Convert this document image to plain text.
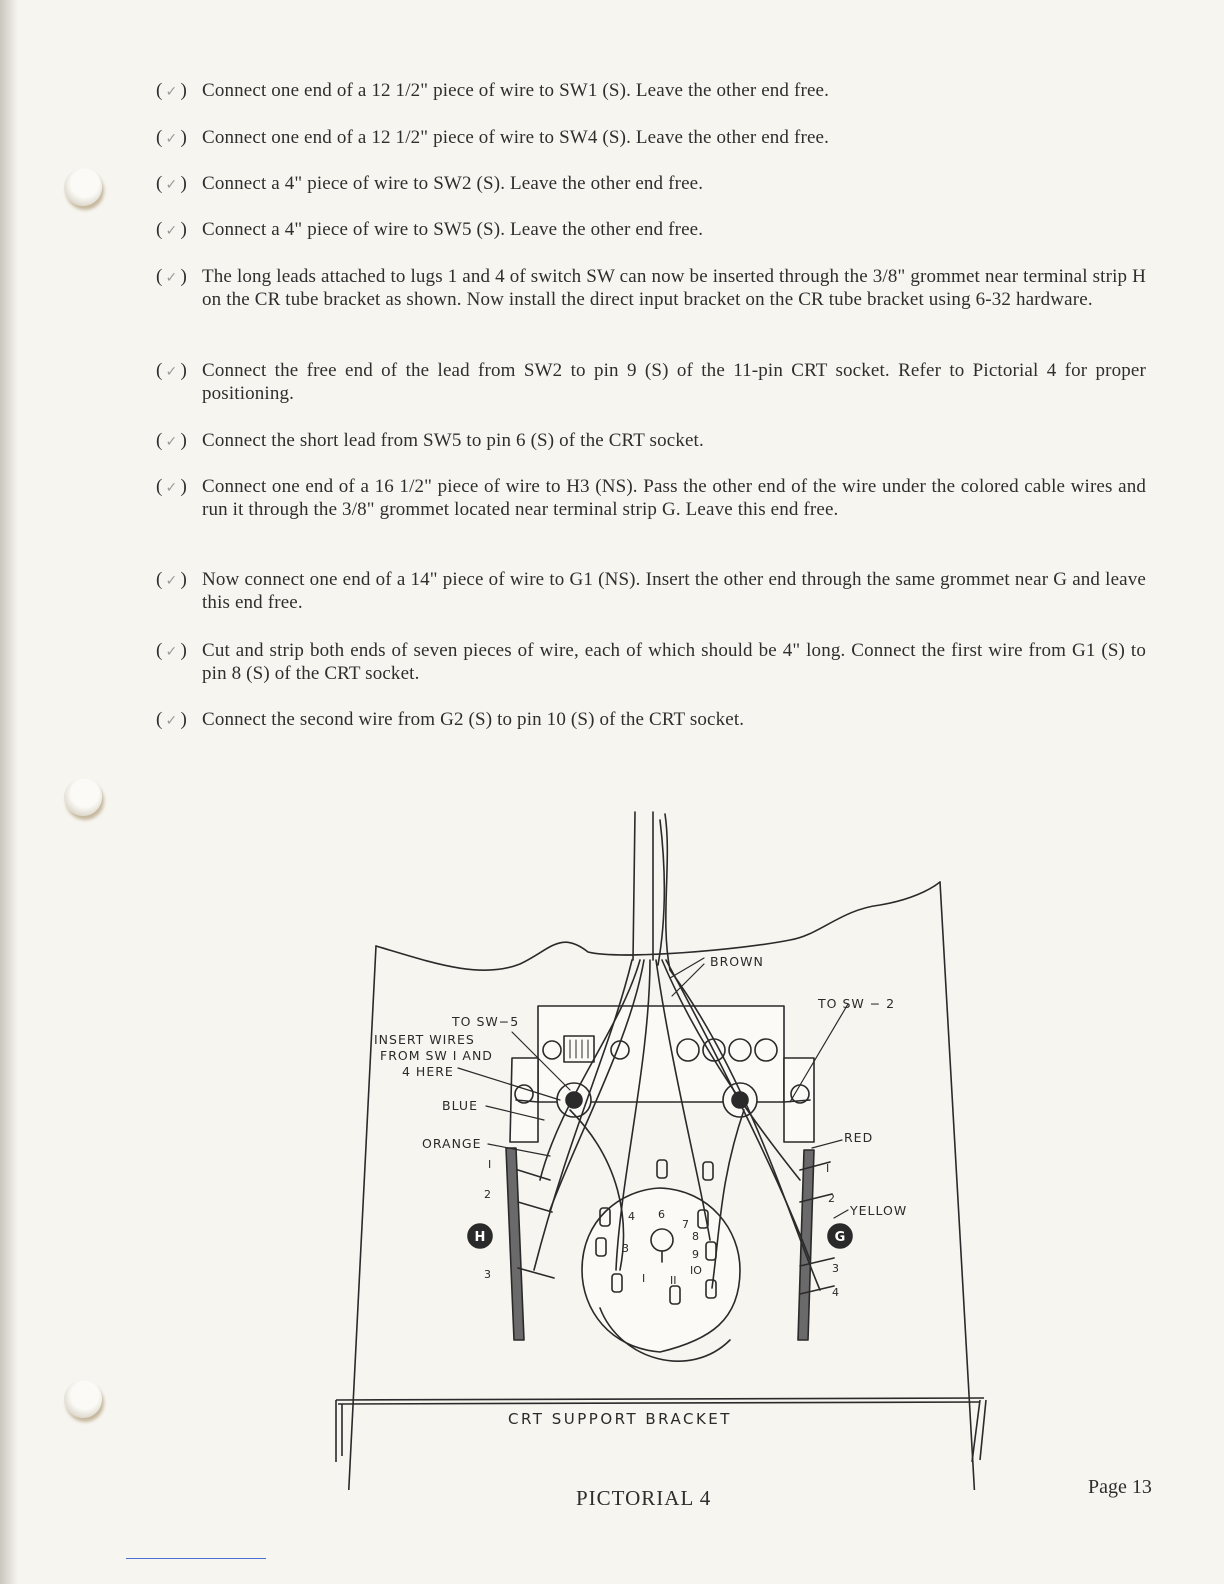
( ✓ ) Connect one end of a 12 1/2" piece of wire to SW1 (S). Leave the other end free.
( ✓ ) Connect one end of a 12 1/2" piece of wire to SW4 (S). Leave the other end free.
( ✓ ) Connect a 4" piece of wire to SW2 (S). Leave the other end free.
( ✓ ) Connect a 4" piece of wire to SW5 (S). Leave the other end free.
( ✓ ) The long leads attached to lugs 1 and 4 of switch SW can now be inserted through the 3/8" grommet near terminal strip H on the CR tube bracket as shown. Now install the direct input bracket on the CR tube bracket using 6-32 hardware.
( ✓ ) Connect the free end of the lead from SW2 to pin 9 (S) of the 11-pin CRT socket. Refer to Pictorial 4 for proper positioning.
( ✓ ) Connect the short lead from SW5 to pin 6 (S) of the CRT socket.
( ✓ ) Connect one end of a 16 1/2" piece of wire to H3 (NS). Pass the other end of the wire under the colored cable wires and run it through the 3/8" grommet located near terminal strip G. Leave this end free.
( ✓ ) Now connect one end of a 14" piece of wire to G1 (NS). Insert the other end through the same grommet near G and leave this end free.
( ✓ ) Cut and strip both ends of seven pieces of wire, each of which should be 4" long. Connect the first wire from G1 (S) to pin 8 (S) of the CRT socket.
( ✓ ) Connect the second wire from G2 (S) to pin 10 (S) of the CRT socket.
BROWN
TO SW−5
INSERT WIRES
FROM SW I AND
4 HERE
BLUE
ORANGE
TO SW − 2
RED
YELLOW
H	G
I
2
3
I
2
3
4
I
3
4 6
7
8
9
IO
II
CRT SUPPORT BRACKET
PICTORIAL 4	Page 13
